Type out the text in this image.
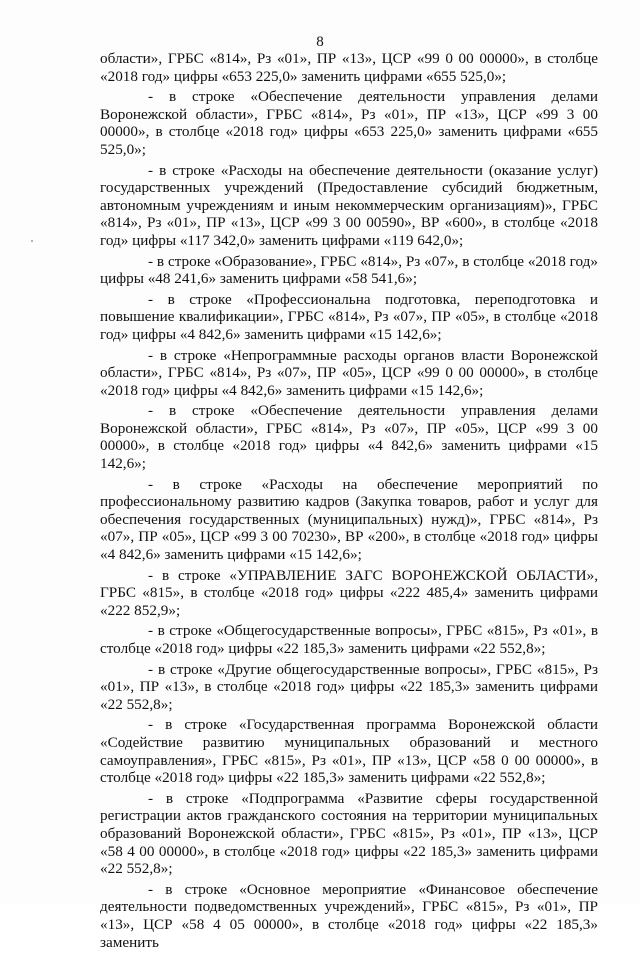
8

области», ГРБС «814», Рз «01», ПР «13», ЦСР «99 0 00 00000», в столбце «2018 год» цифры «653 225,0» заменить цифрами «655 525,0»;

- в строке «Обеспечение деятельности управления делами Воронежской области», ГРБС «814», Рз «01», ПР «13», ЦСР «99 3 00 00000», в столбце «2018 год» цифры «653 225,0» заменить цифрами «655 525,0»;

- в строке «Расходы на обеспечение деятельности (оказание услуг) государственных учреждений (Предоставление субсидий бюджетным, автономным учреждениям и иным некоммерческим организациям)», ГРБС «814», Рз «01», ПР «13», ЦСР «99 3 00 00590», ВР «600», в столбце «2018 год» цифры «117 342,0» заменить цифрами «119 642,0»;

- в строке «Образование», ГРБС «814», Рз «07», в столбце «2018 год» цифры «48 241,6» заменить цифрами «58 541,6»;

- в строке «Профессиональна подготовка, переподготовка и повышение квалификации», ГРБС «814», Рз «07», ПР «05», в столбце «2018 год» цифры «4 842,6» заменить цифрами «15 142,6»;

- в строке «Непрограммные расходы органов власти Воронежской области», ГРБС «814», Рз «07», ПР «05», ЦСР «99 0 00 00000», в столбце «2018 год» цифры «4 842,6» заменить цифрами «15 142,6»;

- в строке «Обеспечение деятельности управления делами Воронежской области», ГРБС «814», Рз «07», ПР «05», ЦСР «99 3 00 00000», в столбце «2018 год» цифры «4 842,6» заменить цифрами «15 142,6»;

- в строке «Расходы на обеспечение мероприятий по профессиональному развитию кадров (Закупка товаров, работ и услуг для обеспечения государственных (муниципальных) нужд)», ГРБС «814», Рз «07», ПР «05», ЦСР «99 3 00 70230», ВР «200», в столбце «2018 год» цифры «4 842,6» заменить цифрами «15 142,6»;

- в строке «УПРАВЛЕНИЕ ЗАГС ВОРОНЕЖСКОЙ ОБЛАСТИ», ГРБС «815», в столбце «2018 год» цифры «222 485,4» заменить цифрами «222 852,9»;

- в строке «Общегосударственные вопросы», ГРБС «815», Рз «01», в столбце «2018 год» цифры «22 185,3» заменить цифрами «22 552,8»;

- в строке «Другие общегосударственные вопросы», ГРБС «815», Рз «01», ПР «13», в столбце «2018 год» цифры «22 185,3» заменить цифрами «22 552,8»;

- в строке «Государственная программа Воронежской области «Содействие развитию муниципальных образований и местного самоуправления», ГРБС «815», Рз «01», ПР «13», ЦСР «58 0 00 00000», в столбце «2018 год» цифры «22 185,3» заменить цифрами «22 552,8»;

- в строке «Подпрограмма «Развитие сферы государственной регистрации актов гражданского состояния на территории муниципальных образований Воронежской области», ГРБС «815», Рз «01», ПР «13», ЦСР «58 4 00 00000», в столбце «2018 год» цифры «22 185,3» заменить цифрами «22 552,8»;

- в строке «Основное мероприятие «Финансовое обеспечение деятельности подведомственных учреждений», ГРБС «815», Рз «01», ПР «13», ЦСР «58 4 05 00000», в столбце «2018 год» цифры «22 185,3» заменить
